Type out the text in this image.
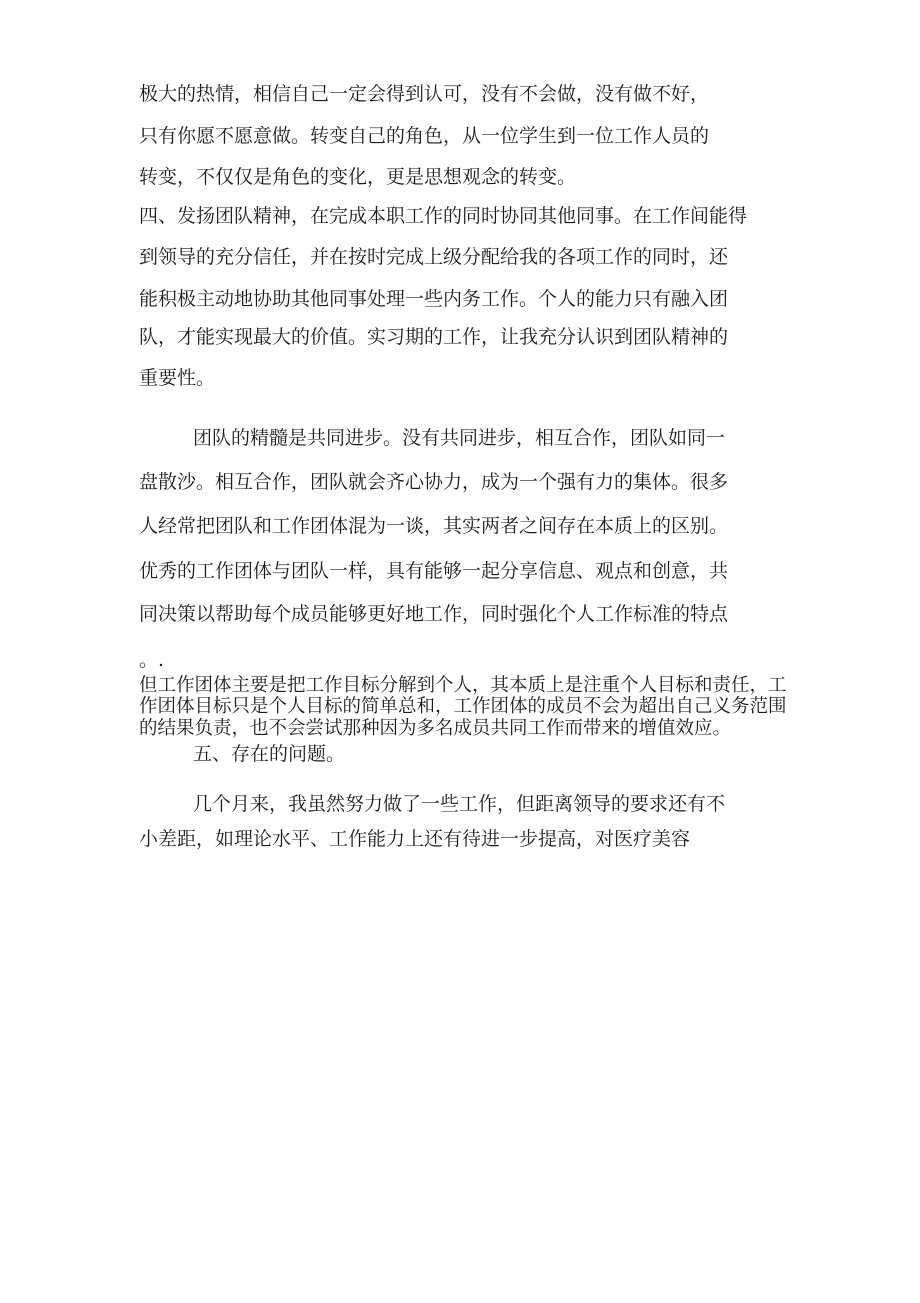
极大的热情，相信自己一定会得到认可，没有不会做，没有做不好，
只有你愿不愿意做。转变自己的角色，从一位学生到一位工作人员的
转变，不仅仅是角色的变化，更是思想观念的转变。
四、发扬团队精神，在完成本职工作的同时协同其他同事。在工作间能得
到领导的充分信任，并在按时完成上级分配给我的各项工作的同时，还
能积极主动地协助其他同事处理一些内务工作。个人的能力只有融入团
队，才能实现最大的价值。实习期的工作，让我充分认识到团队精神的
重要性。
团队的精髓是共同进步。没有共同进步，相互合作，团队如同一
盘散沙。相互合作，团队就会齐心协力，成为一个强有力的集体。很多
人经常把团队和工作团体混为一谈，其实两者之间存在本质上的区别。
优秀的工作团体与团队一样，具有能够一起分享信息、观点和创意，共
同决策以帮助每个成员能够更好地工作，同时强化个人工作标准的特点
。.
但工作团体主要是把工作目标分解到个人，其本质上是注重个人目标和责任，工
作团体目标只是个人目标的简单总和，工作团体的成员不会为超出自己义务范围
的结果负责，也不会尝试那种因为多名成员共同工作而带来的增值效应。
五、存在的问题。
几个月来，我虽然努力做了一些工作，但距离领导的要求还有不
小差距，如理论水平、工作能力上还有待进一步提高，对医疗美容
